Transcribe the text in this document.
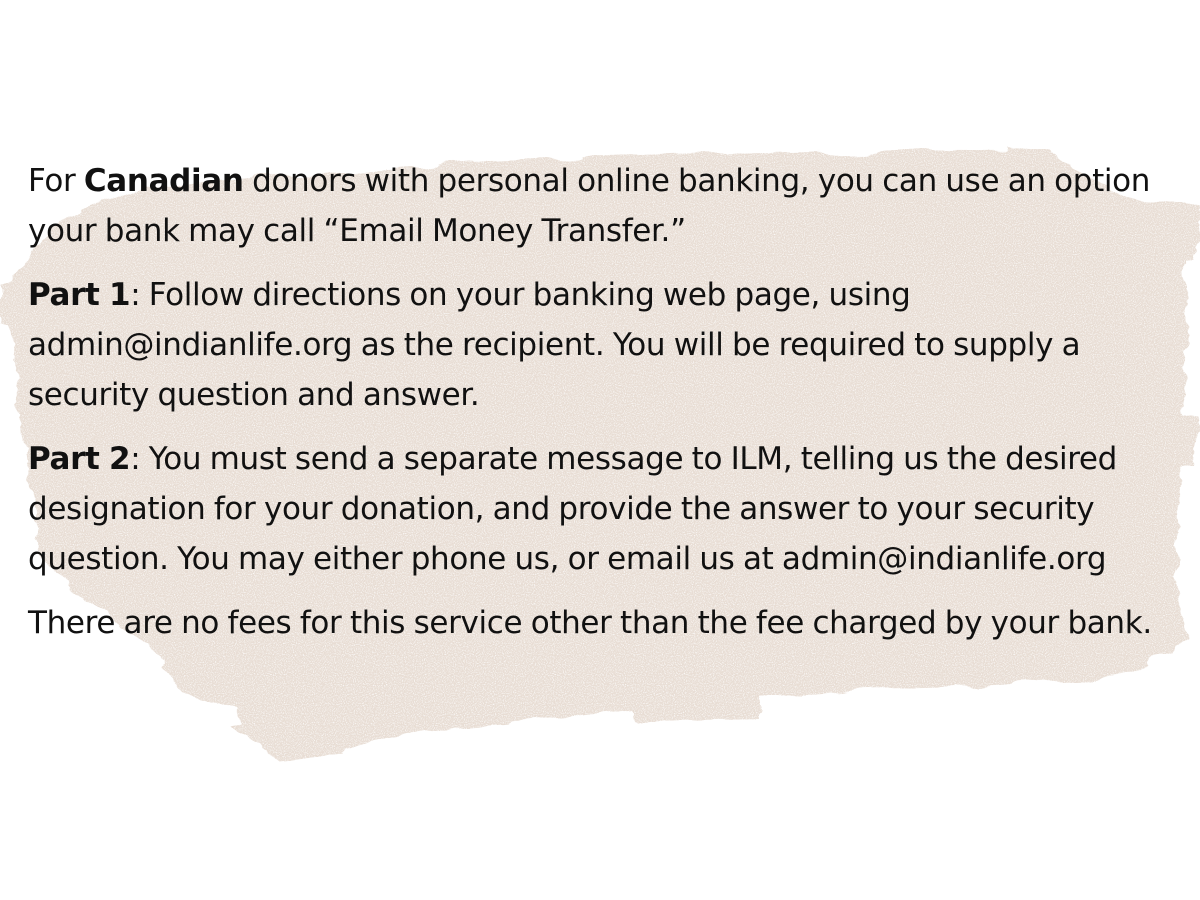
For Canadian donors with personal online banking, you can use an option your bank may call “Email Money Transfer.”

Part 1: Follow directions on your banking web page, using admin@indianlife.org as the recipient. You will be required to supply a security question and answer.

Part 2: You must send a separate message to ILM, telling us the desired designation for your donation, and provide the answer to your security question. You may either phone us, or email us at admin@indianlife.org

There are no fees for this service other than the fee charged by your bank.
